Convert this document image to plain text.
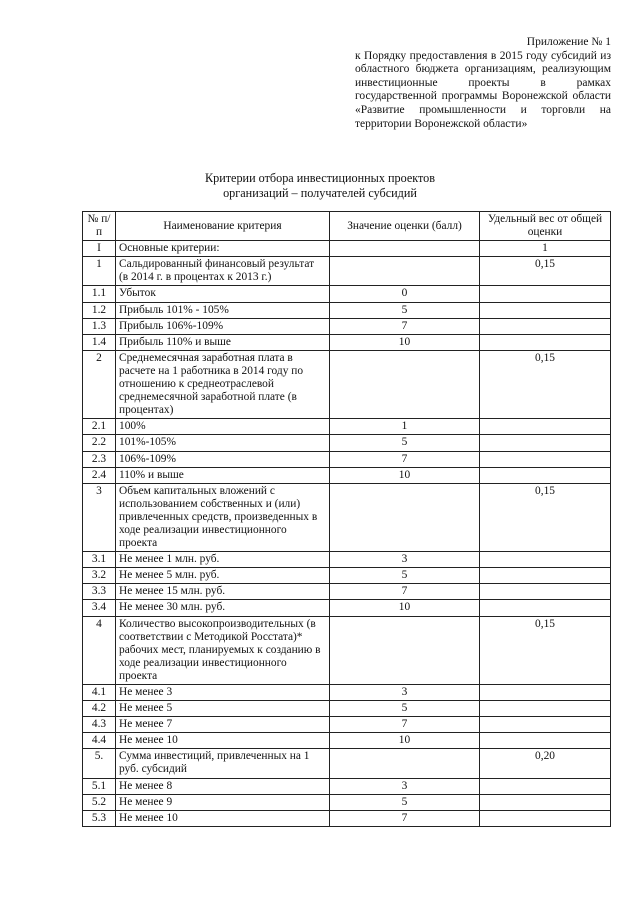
Приложение № 1
к Порядку предоставления в 2015 году субсидий из областного бюджета организациям, реализующим инвестиционные проекты в рамках государственной программы Воронежской области «Развитие промышленности и торговли на территории Воронежской области»
Критерии отбора инвестиционных проектов
организаций – получателей субсидий
№ п/п	Наименование критерия	Значение оценки (балл)	Удельный вес от общей оценки
I	Основные критерии:		1
1	Сальдированный финансовый результат (в 2014 г. в процентах к 2013 г.)		0,15
1.1	Убыток	0	
1.2	Прибыль 101% - 105%	5	
1.3	Прибыль 106%-109%	7	
1.4	Прибыль 110% и выше	10	
2	Среднемесячная заработная плата в расчете на 1 работника в 2014 году по отношению к среднеотраслевой среднемесячной заработной плате (в процентах)		0,15
2.1	100%	1	
2.2	101%-105%	5	
2.3	106%-109%	7	
2.4	110% и выше	10	
3	Объем капитальных вложений с использованием собственных и (или) привлеченных средств, произведенных в ходе реализации инвестиционного проекта		0,15
3.1	Не менее 1 млн. руб.	3	
3.2	Не менее 5 млн. руб.	5	
3.3	Не менее 15 млн. руб.	7	
3.4	Не менее 30 млн. руб.	10	
4	Количество высокопроизводительных (в соответствии с Методикой Росстата)* рабочих мест, планируемых к созданию в ходе реализации инвестиционного проекта		0,15
4.1	Не менее 3	3	
4.2	Не менее 5	5	
4.3	Не менее 7	7	
4.4	Не менее 10	10	
5.	Сумма инвестиций, привлеченных на 1 руб. субсидий		0,20
5.1	Не менее 8	3	
5.2	Не менее 9	5	
5.3	Не менее 10	7	
